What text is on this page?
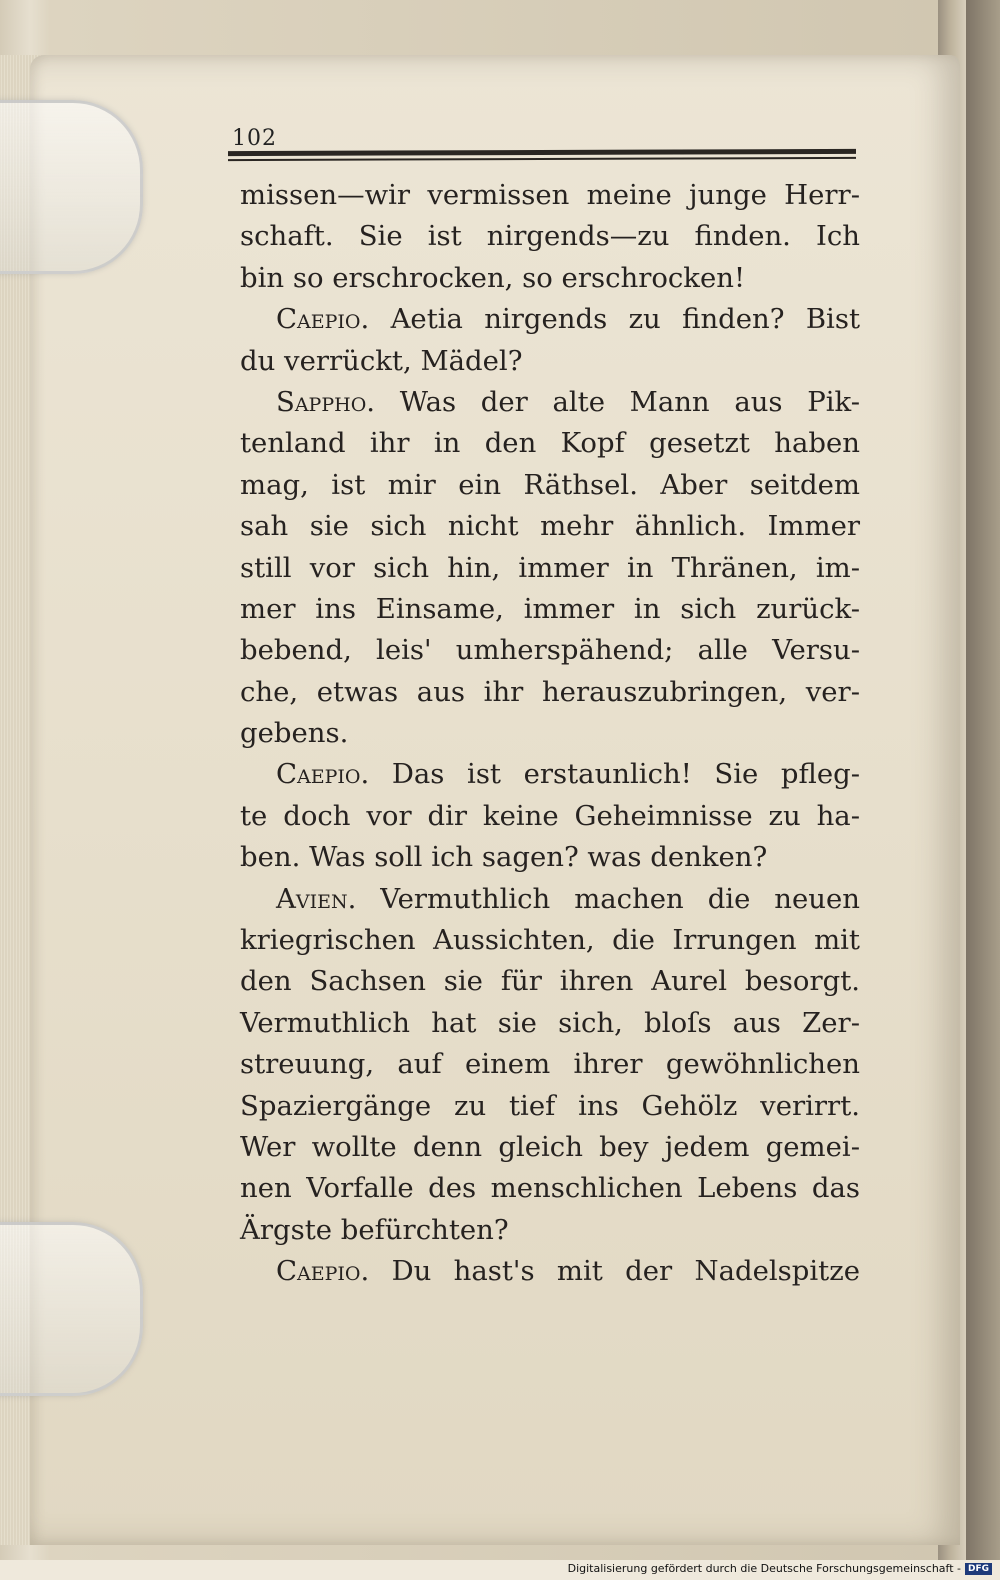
102
missen—wir vermissen meine junge Herr-
schaft. Sie ist nirgends—zu finden. Ich
bin so erschrocken, so erschrocken!
Caepio. Aetia nirgends zu finden? Bist
du verrückt, Mädel?
Sappho. Was der alte Mann aus Pik-
tenland ihr in den Kopf gesetzt haben
mag, ist mir ein Räthsel. Aber seitdem
sah sie sich nicht mehr ähnlich. Immer
still vor sich hin, immer in Thränen, im-
mer ins Einsame, immer in sich zurück-
bebend, leis' umherspähend; alle Versu-
che, etwas aus ihr herauszubringen, ver-
gebens.
Caepio. Das ist erstaunlich! Sie pfleg-
te doch vor dir keine Geheimnisse zu ha-
ben. Was soll ich sagen? was denken?
Avien. Vermuthlich machen die neuen
kriegrischen Aussichten, die Irrungen mit
den Sachsen sie für ihren Aurel besorgt.
Vermuthlich hat sie sich, bloſs aus Zer-
streuung, auf einem ihrer gewöhnlichen
Spaziergänge zu tief ins Gehölz verirrt.
Wer wollte denn gleich bey jedem gemei-
nen Vorfalle des menschlichen Lebens das
Ärgste befürchten?
Caepio. Du hast's mit der Nadelspitze
Digitalisierung gefördert durch die Deutsche Forschungsgemeinschaft - DFG
